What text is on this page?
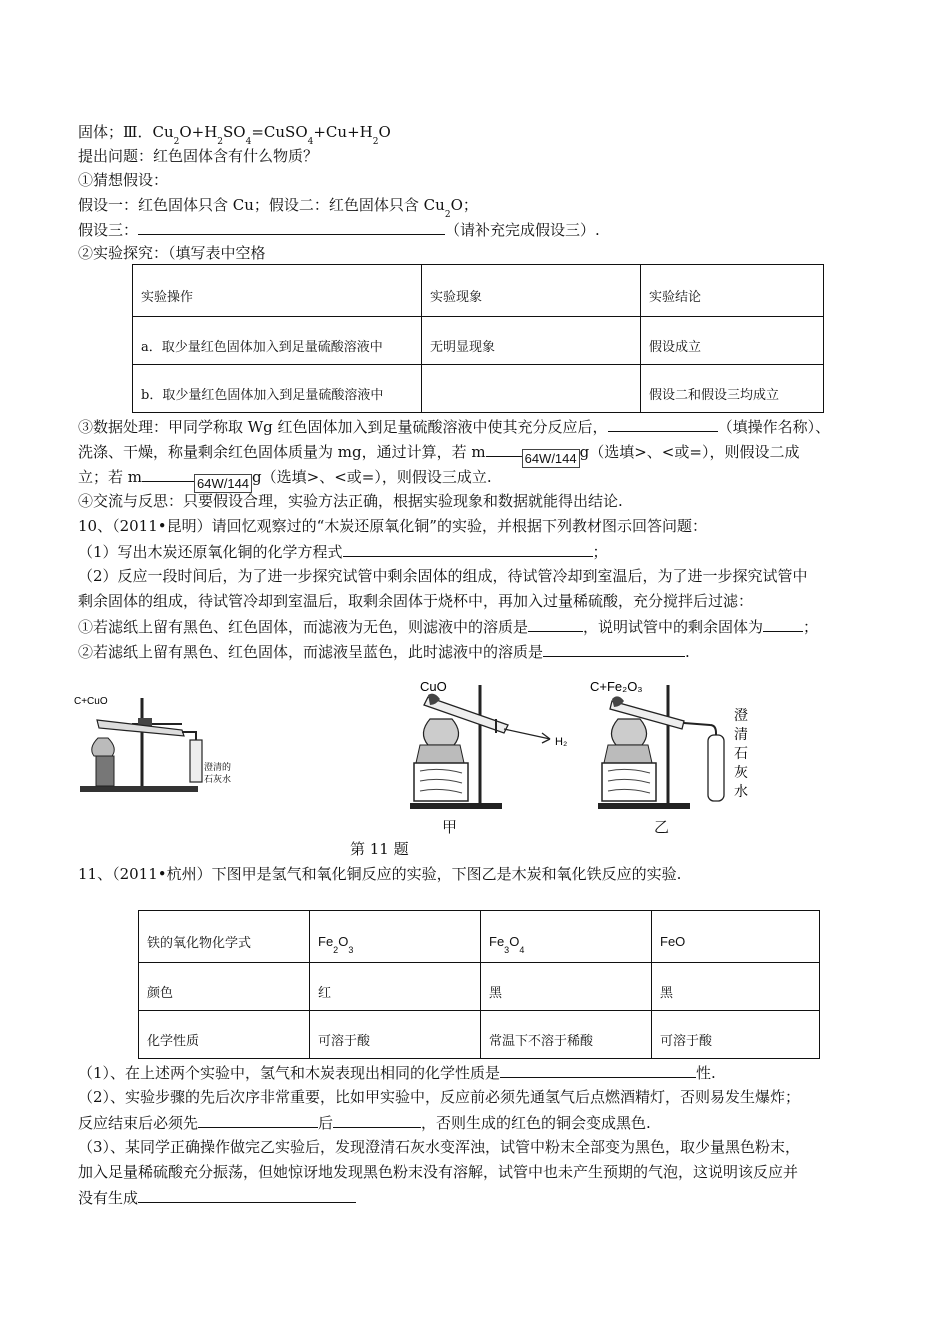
固体；Ⅲ．$Cu_2O+H_2SO_4=CuSO_4+Cu+H_2O$
提出问题：红色固体含有什么物质？
①猜想假设：
假设一：红色固体只含 Cu；假设二：红色固体只含 $Cu_2O$；
假设三：	（请补充完成假设三）.
②实验探究：（填写表中空格
实验操作	实验现象	实验结论
a．取少量红色固体加入到足量硫酸溶液中	无明显现象	假设成立
b．取少量红色固体加入到足量硫酸溶液中		假设二和假设三均成立
③数据处理：甲同学称取 Wg 红色固体加入到足量硫酸溶液中使其充分反应后，	（填操作名称）、
洗涤、干燥，称量剩余红色固体质量为 mg，通过计算，若 m	64W/144 g（选填>、<或=），则假设二成
立；若 m	64W/144 g（选填>、<或=），则假设三成立.
④交流与反思：只要假设合理，实验方法正确，根据实验现象和数据就能得出结论.
10、（2011•昆明）请回忆观察过的“木炭还原氧化铜”的实验，并根据下列教材图示回答问题：
（1）写出木炭还原氧化铜的化学方程式	；
（2）反应一段时间后，为了进一步探究试管中剩余固体的组成，待试管冷却到室温后，为了进一步探究试管中
剩余固体的组成，待试管冷却到室温后，取剩余固体于烧杯中，再加入过量稀硫酸，充分搅拌后过滤：
①若滤纸上留有黑色、红色固体，而滤液为无色，则滤液中的溶质是	，说明试管中的剩余固体为	；
②若滤纸上留有黑色、红色固体，而滤液呈蓝色，此时滤液中的溶质是	.
C+CuO
澄清的
石灰水
CuO
H₂
甲
C+Fe₂O₃
澄
清
石
灰
水
乙
第 11 题
11、（2011•杭州）下图甲是氢气和氧化铜反应的实验，下图乙是木炭和氧化铁反应的实验.
铁的氧化物化学式	$Fe_2O_3$	$Fe_3O_4$	FeO
颜色	红	黑	黑
化学性质	可溶于酸	常温下不溶于稀酸	可溶于酸
（1）、在上述两个实验中，氢气和木炭表现出相同的化学性质是	性.
（2）、实验步骤的先后次序非常重要，比如甲实验中，反应前必须先通氢气后点燃酒精灯，否则易发生爆炸；
反应结束后必须先	后	，否则生成的红色的铜会变成黑色.
（3）、某同学正确操作做完乙实验后，发现澄清石灰水变浑浊，试管中粉末全部变为黑色，取少量黑色粉末，
加入足量稀硫酸充分振荡，但她惊讶地发现黑色粉末没有溶解，试管中也未产生预期的气泡，这说明该反应并
没有生成
